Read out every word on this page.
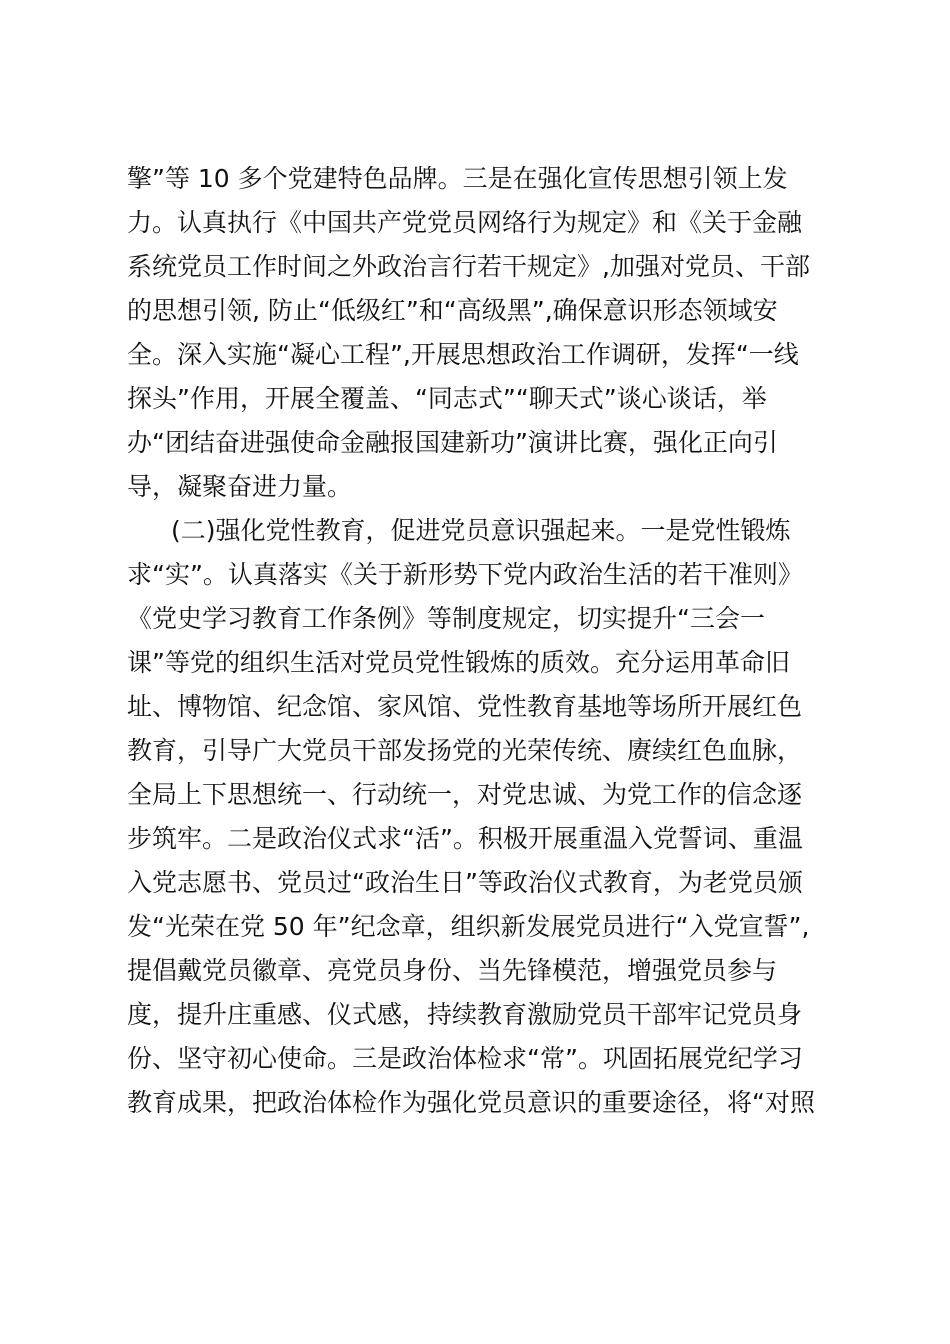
擎”等 10 多个党建特色品牌。三是在强化宣传思想引领上发
力。认真执行《中国共产党党员网络行为规定》和《关于金融
系统党员工作时间之外政治言行若干规定》,加强对党员、干部
的思想引领, 防止“低级红”和“高级黑”,确保意识形态领域安
全。深入实施“凝心工程”,开展思想政治工作调研，发挥“一线
探头”作用，开展全覆盖、“同志式”“聊天式”谈心谈话，举
办“团结奋进强使命金融报国建新功”演讲比赛，强化正向引
导，凝聚奋进力量。
(二)强化党性教育，促进党员意识强起来。一是党性锻炼
求“实”。认真落实《关于新形势下党内政治生活的若干准则》
《党史学习教育工作条例》等制度规定，切实提升“三会一
课”等党的组织生活对党员党性锻炼的质效。充分运用革命旧
址、博物馆、纪念馆、家风馆、党性教育基地等场所开展红色
教育，引导广大党员干部发扬党的光荣传统、赓续红色血脉，
全局上下思想统一、行动统一，对党忠诚、为党工作的信念逐
步筑牢。二是政治仪式求“活”。积极开展重温入党誓词、重温
入党志愿书、党员过“政治生日”等政治仪式教育，为老党员颁
发“光荣在党 50 年”纪念章，组织新发展党员进行“入党宣誓”,
提倡戴党员徽章、亮党员身份、当先锋模范，增强党员参与
度，提升庄重感、仪式感，持续教育激励党员干部牢记党员身
份、坚守初心使命。三是政治体检求“常”。巩固拓展党纪学习
教育成果，把政治体检作为强化党员意识的重要途径，将“对照
